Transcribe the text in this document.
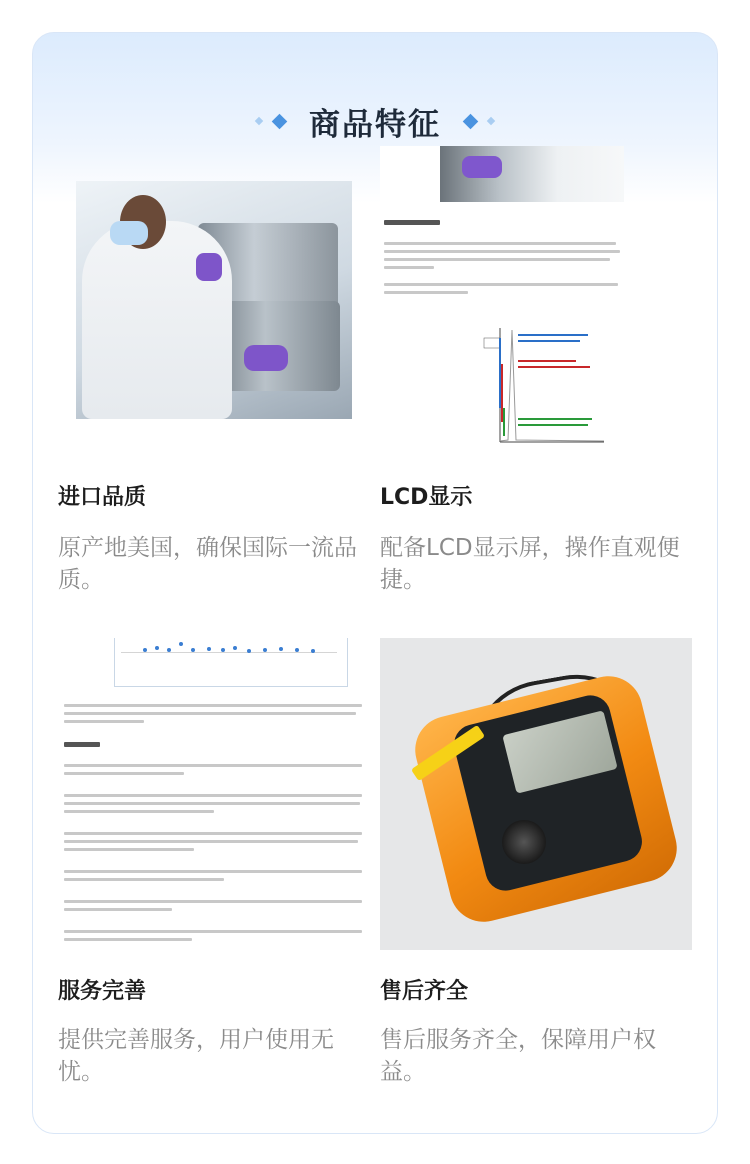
商品特征

进口品质

原产地美国，确保国际一流品质。

LCD显示

配备LCD显示屏，操作直观便捷。

服务完善

提供完善服务，用户使用无忧。

售后齐全

售后服务齐全，保障用户权益。
